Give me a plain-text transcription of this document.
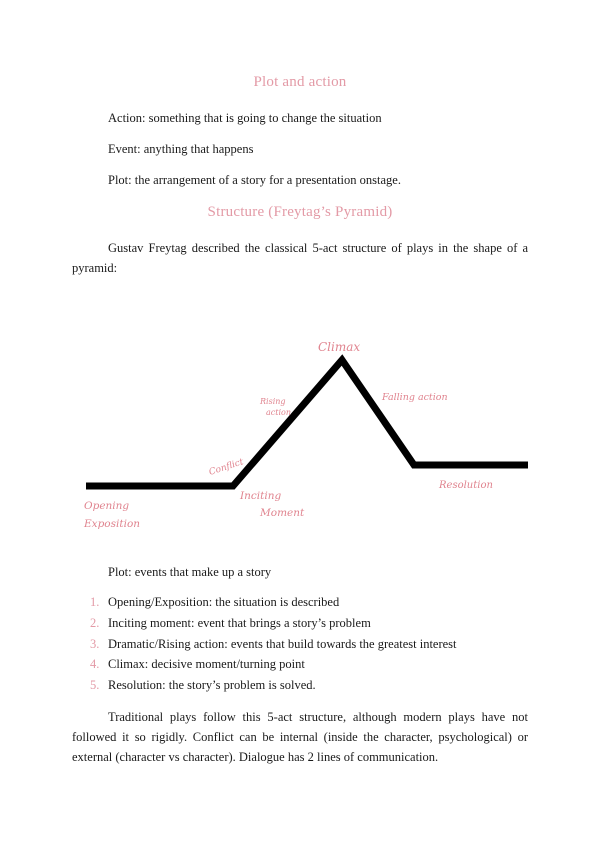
Plot and action
Action: something that is going to change the situation
Event: anything that happens
Plot: the arrangement of a story for a presentation onstage.
Structure (Freytag’s Pyramid)
Gustav Freytag described the classical 5-act structure of plays in the shape of a pyramid:
Climax
Rising
action
Falling action
Conflict
Resolution
Inciting
Moment
Opening
Exposition
Plot: events that make up a story
1. Opening/Exposition: the situation is described
2. Inciting moment: event that brings a story’s problem
3. Dramatic/Rising action: events that build towards the greatest interest
4. Climax: decisive moment/turning point
5. Resolution: the story’s problem is solved.
Traditional plays follow this 5-act structure, although modern plays have not followed it so rigidly. Conflict can be internal (inside the character, psychological) or external (character vs character). Dialogue has 2 lines of communication.
